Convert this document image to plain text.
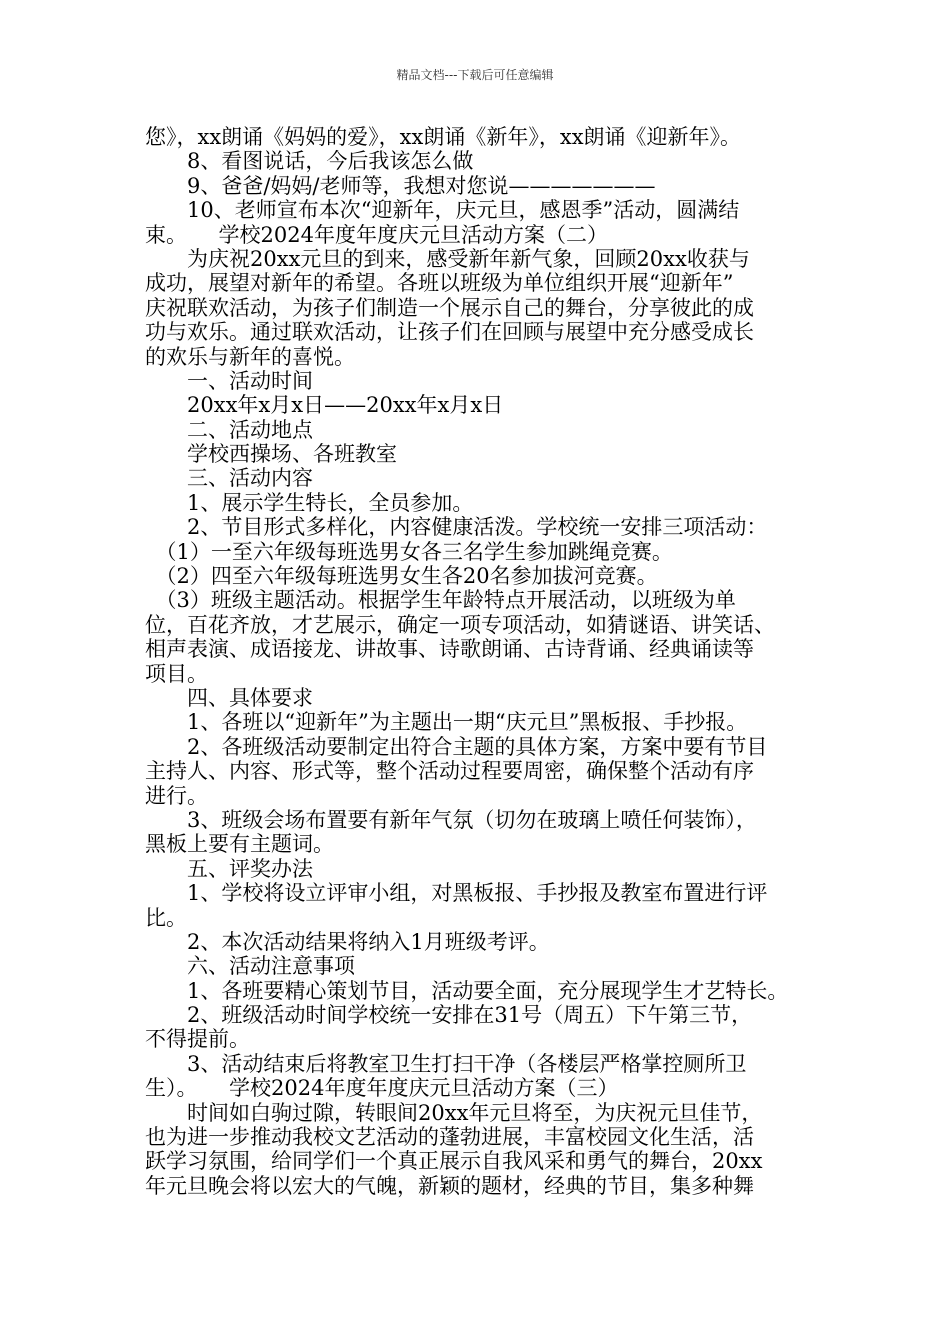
精品文档---下载后可任意编辑
您》，xx朗诵《妈妈的爱》，xx朗诵《新年》，xx朗诵《迎新年》。
　　8、看图说话，今后我该怎么做
　　9、爸爸/妈妈/老师等，我想对您说———————
　　10、老师宣布本次“迎新年，庆元旦，感恩季”活动，圆满结
束。　　学校2024年度年度庆元旦活动方案（二）
　　为庆祝20xx元旦的到来，感受新年新气象，回顾20xx收获与
成功，展望对新年的希望。各班以班级为单位组织开展“迎新年”
庆祝联欢活动，为孩子们制造一个展示自己的舞台，分享彼此的成
功与欢乐。通过联欢活动，让孩子们在回顾与展望中充分感受成长
的欢乐与新年的喜悦。
　　一、活动时间
　　20xx年x月x日——20xx年x月x日
　　二、活动地点
　　学校西操场、各班教室
　　三、活动内容
　　1、展示学生特长，全员参加。
　　2、节目形式多样化，内容健康活泼。学校统一安排三项活动：
　（1）一至六年级每班选男女各三名学生参加跳绳竞赛。
　（2）四至六年级每班选男女生各20名参加拔河竞赛。
　（3）班级主题活动。根据学生年龄特点开展活动，以班级为单
位，百花齐放，才艺展示，确定一项专项活动，如猜谜语、讲笑话、
相声表演、成语接龙、讲故事、诗歌朗诵、古诗背诵、经典诵读等
项目。
　　四、具体要求
　　1、各班以“迎新年”为主题出一期“庆元旦”黑板报、手抄报。
　　2、各班级活动要制定出符合主题的具体方案，方案中要有节目
主持人、内容、形式等，整个活动过程要周密，确保整个活动有序
进行。
　　3、班级会场布置要有新年气氛（切勿在玻璃上喷任何装饰），
黑板上要有主题词。
　　五、评奖办法
　　1、学校将设立评审小组，对黑板报、手抄报及教室布置进行评
比。
　　2、本次活动结果将纳入1月班级考评。
　　六、活动注意事项
　　1、各班要精心策划节目，活动要全面，充分展现学生才艺特长。
　　2、班级活动时间学校统一安排在31号（周五）下午第三节，
不得提前。
　　3、活动结束后将教室卫生打扫干净（各楼层严格掌控厕所卫
生）。　　学校2024年度年度庆元旦活动方案（三）
　　时间如白驹过隙，转眼间20xx年元旦将至，为庆祝元旦佳节，
也为进一步推动我校文艺活动的蓬勃进展，丰富校园文化生活，活
跃学习氛围，给同学们一个真正展示自我风采和勇气的舞台，20xx
年元旦晚会将以宏大的气魄，新颖的题材，经典的节目，集多种舞
